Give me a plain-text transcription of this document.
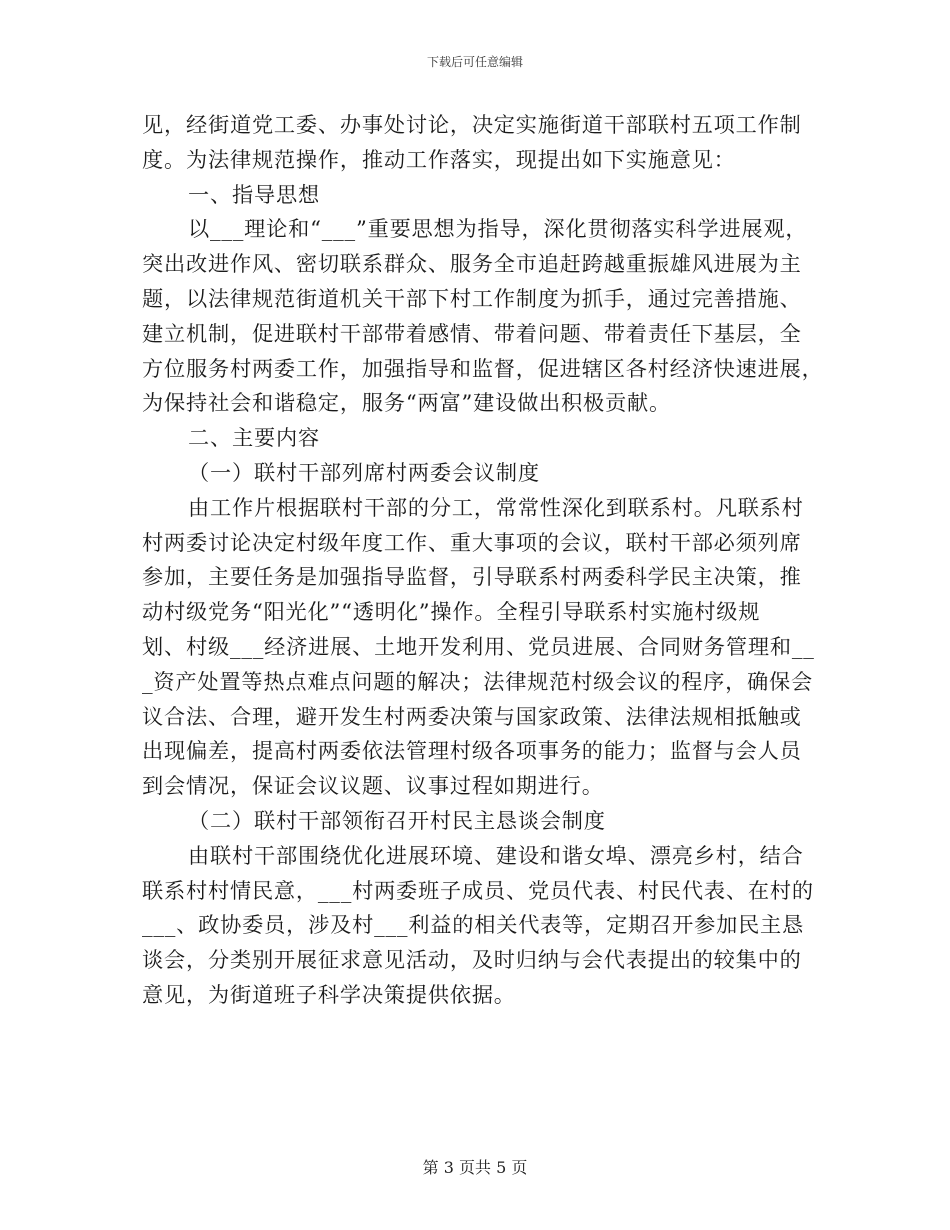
下载后可任意编辑
见，经街道党工委、办事处讨论，决定实施街道干部联村五项工作制
度。为法律规范操作，推动工作落实，现提出如下实施意见：
一、指导思想
以___理论和“___”重要思想为指导，深化贯彻落实科学进展观，
突出改进作风、密切联系群众、服务全市追赶跨越重振雄风进展为主
题，以法律规范街道机关干部下村工作制度为抓手，通过完善措施、
建立机制，促进联村干部带着感情、带着问题、带着责任下基层，全
方位服务村两委工作，加强指导和监督，促进辖区各村经济快速进展，
为保持社会和谐稳定，服务“两富”建设做出积极贡献。
二、主要内容
（一）联村干部列席村两委会议制度
由工作片根据联村干部的分工，常常性深化到联系村。凡联系村
村两委讨论决定村级年度工作、重大事项的会议，联村干部必须列席
参加，主要任务是加强指导监督，引导联系村两委科学民主决策，推
动村级党务“阳光化”“透明化”操作。全程引导联系村实施村级规
划、村级___经济进展、土地开发利用、党员进展、合同财务管理和__
_资产处置等热点难点问题的解决；法律规范村级会议的程序，确保会
议合法、合理，避开发生村两委决策与国家政策、法律法规相抵触或
出现偏差，提高村两委依法管理村级各项事务的能力；监督与会人员
到会情况，保证会议议题、议事过程如期进行。
（二）联村干部领衔召开村民主恳谈会制度
由联村干部围绕优化进展环境、建设和谐女埠、漂亮乡村，结合
联系村村情民意，___村两委班子成员、党员代表、村民代表、在村的
___、政协委员，涉及村___利益的相关代表等，定期召开参加民主恳
谈会，分类别开展征求意见活动，及时归纳与会代表提出的较集中的
意见，为街道班子科学决策提供依据。
第 3 页共 5 页
